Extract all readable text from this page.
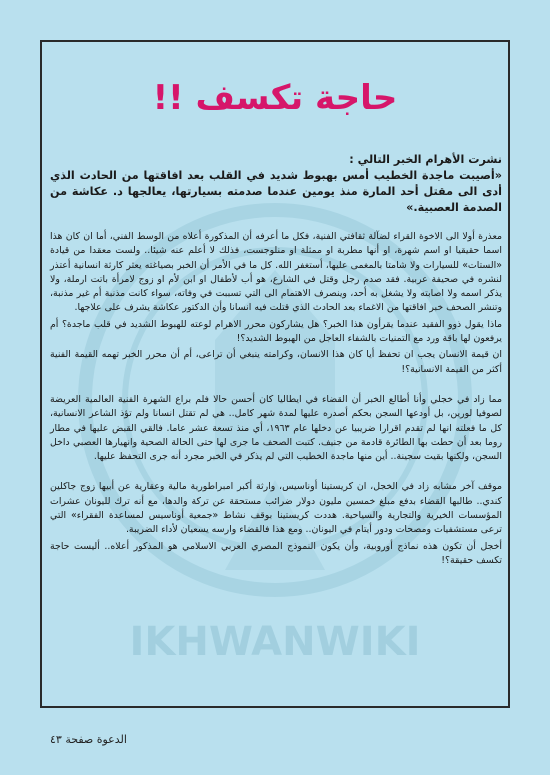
IKHWANWIKI
حاجة تكسف !!

نشرت الأهرام الخبر التالي :
«أصيبت ماجدة الخطيب أمس بهبوط شديد في القلب بعد افاقتها من الحادث الذي أدى الى مقتل أحد المارة منذ يومين عندما صدمته بسيارتها، يعالجها د. عكاشة من الصدمة العصبية.»

معذرة أولا الى الاخوة القراء لضآلة ثقافتي الفنية، فكل ما أعرفه أن المذكورة أعلاه من الوسط الفني، أما ان كان هذا اسما حقيقيا او اسم شهرة، او أنها مطربة او ممثلة او منلوجست، فذلك لا أعلم عنه شيئا.. ولست معقدا من قيادة «الستات» للسيارات ولا شامتا بالمغمى عليها، أستغفر الله. كل ما في الأمر أن الخبر بصياغته يعثر كارثة انسانية أعتذر لنشره في صحيفة عربية. فقد صدم رجل وقتل في الشارع، هو أب لأطفال او ابن لأم او زوج لامرأة باتت ارملة، ولا يذكر اسمه ولا اصابته ولا يشغل به أحد، وينصرف الاهتمام الى التي تسببت في وفاته، سواء كانت مذنبة أم غير مذنبة، وتنشر الصحف خبر افاقتها من الاغماء بعد الحادث الذي قتلت فيه انسانا وأن الدكتور عكاشة يشرف على علاجها.

ماذا يقول ذوو الفقيد عندما يقرأون هذا الخبر؟ هل يشاركون محرر الاهرام لوعته للهبوط الشديد في قلب ماجدة؟ أم يرفعون لها باقة ورد مع التمنيات بالشفاء العاجل من الهبوط الشديد؟!

ان قيمة الانسان يجب ان تحفظ أيا كان هذا الانسان، وكرامته ينبغي أن تراعى، أم أن محرر الخبر تهمه القيمة الفنية أكثر من القيمة الانسانية؟!

مما زاد في خجلي وأنا أطالع الخبر أن القضاء في ايطاليا كان أحسن حالا فلم براع الشهرة الفنية العالمية العريضة لصوفيا لورين، بل أودعها السجن بحكم أصدره عليها لمدة شهر كامل.. هي لم تقتل انسانا ولم تؤذ الشاعر الانسانية، كل ما فعلته انها لم تقدم اقرارا ضريبيا عن دخلها عام ١٩٦٣، أي منذ تسعة عشر عاما. فالقي القبض عليها في مطار روما بعد أن حطت بها الطائرة قادمة من جنيف. كتبت الصحف ما جرى لها حتى الحالة الصحية وانهيارها العصبي داخل السجن، ولكنها بقيت سجينة.. أين منها ماجدة الخطيب التي لم يذكر في الخبر مجرد أنه جرى التحفظ عليها.

موقف آخر مشابه زاد في الخجل، ان كريستينا أوناسيس، وارثة أكبر امبراطورية مالية وعقارية عن أبيها زوج جاكلين كندي.. طالبها القضاء بدفع مبلغ خمسين مليون دولار ضرائب مستحقة عن تركة والدها، مع أنه ترك لليونان عشرات المؤسسات الخيرية والتجارية والسياحية. هددت كريستينا بوقف نشاط «جمعية أوناسيس لمساعدة الفقراء» التي ترعى مستشفيات ومصحات ودور أيتام في اليونان.. ومع هذا فالقضاء وارسه يسعيان لأداء الضريبة.

أخجل أن تكون هذه نماذج أوروبية، وأن يكون النموذج المصري العربي الاسلامي هو المذكور أعلاه.. أليست حاجة تكسف حقيقة؟!

الدعوة صفحة ٤٣
